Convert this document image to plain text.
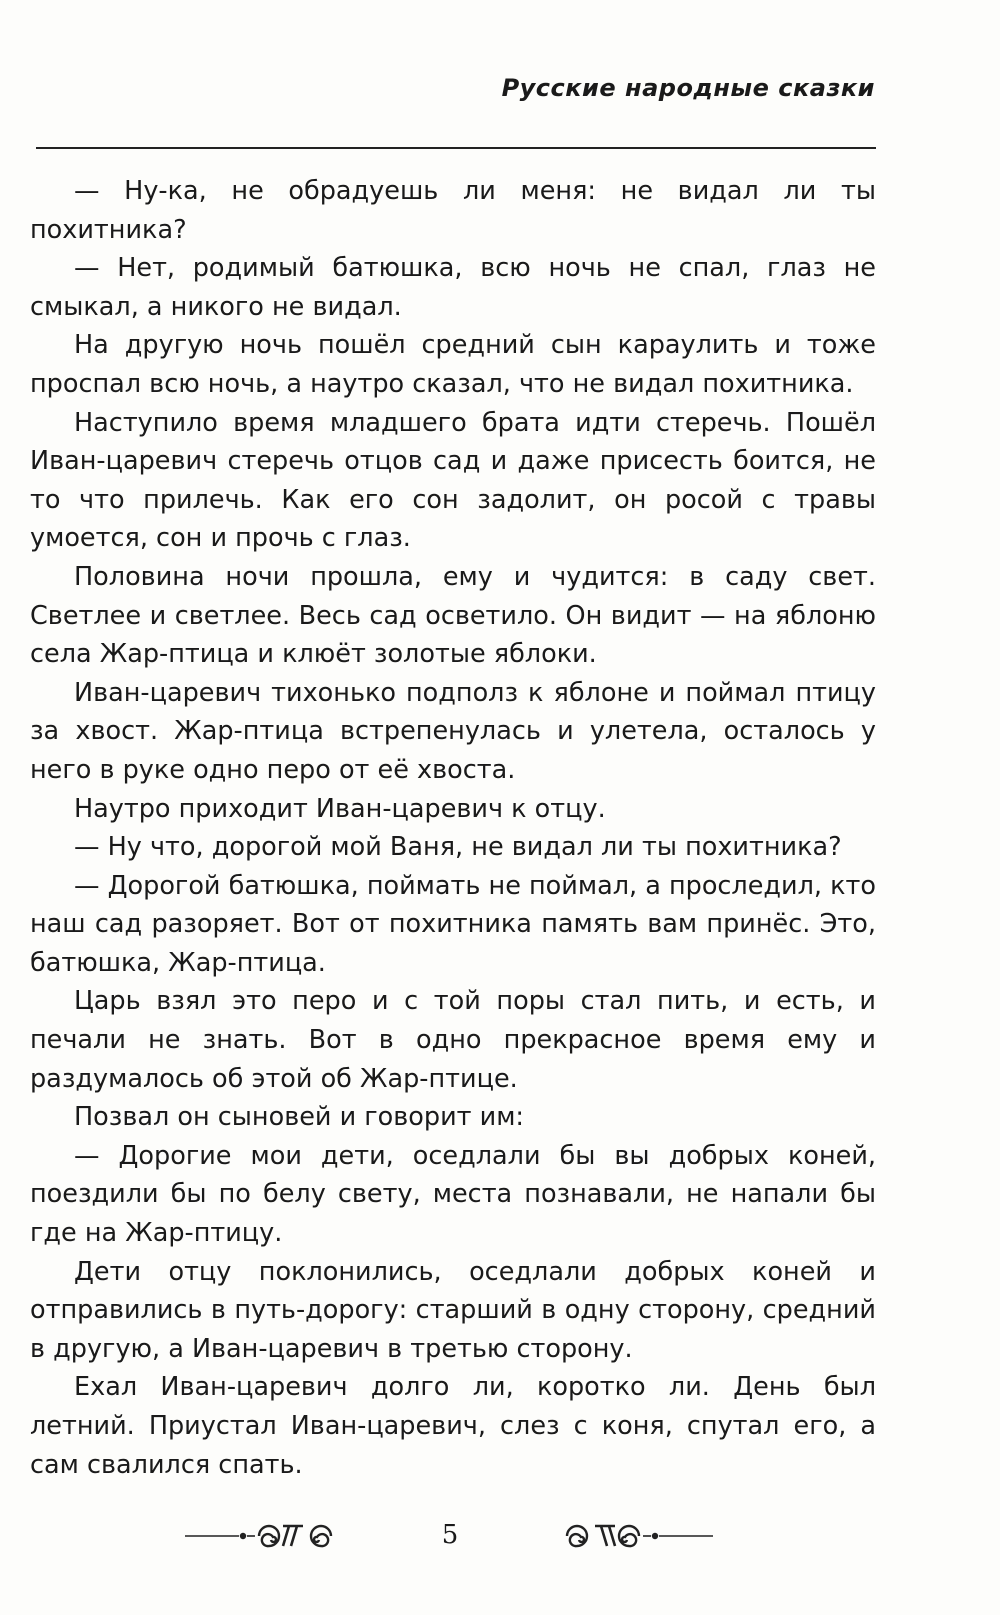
Русские народные сказки

— Ну-ка, не обрадуешь ли меня: не видал ли ты похитника?

— Нет, родимый батюшка, всю ночь не спал, глаз не смыкал, а никого не видал.

На другую ночь пошёл средний сын караулить и тоже проспал всю ночь, а наутро сказал, что не видал похитника.

Наступило время младшего брата идти стеречь. Пошёл Иван-царевич стеречь отцов сад и даже присесть боится, не то что прилечь. Как его сон задолит, он росой с травы умоется, сон и прочь с глаз.

Половина ночи прошла, ему и чудится: в саду свет. Светлее и светлее. Весь сад осветило. Он видит — на яблоню села Жар-птица и клюёт золотые яблоки.

Иван-царевич тихонько подполз к яблоне и поймал птицу за хвост. Жар-птица встрепенулась и улетела, осталось у него в руке одно перо от её хвоста.

Наутро приходит Иван-царевич к отцу.

— Ну что, дорогой мой Ваня, не видал ли ты похитника?

— Дорогой батюшка, поймать не поймал, а проследил, кто наш сад разоряет. Вот от похитника память вам принёс. Это, батюшка, Жар-птица.

Царь взял это перо и с той поры стал пить, и есть, и печали не знать. Вот в одно прекрасное время ему и раздумалось об этой об Жар-птице.

Позвал он сыновей и говорит им:

— Дорогие мои дети, оседлали бы вы добрых коней, поездили бы по белу свету, места познавали, не напали бы где на Жар-птицу.

Дети отцу поклонились, оседлали добрых коней и отправились в путь-дорогу: старший в одну сторону, средний в другую, а Иван-царевич в третью сторону.

Ехал Иван-царевич долго ли, коротко ли. День был летний. Приустал Иван-царевич, слез с коня, спутал его, а сам свалился спать.

5
